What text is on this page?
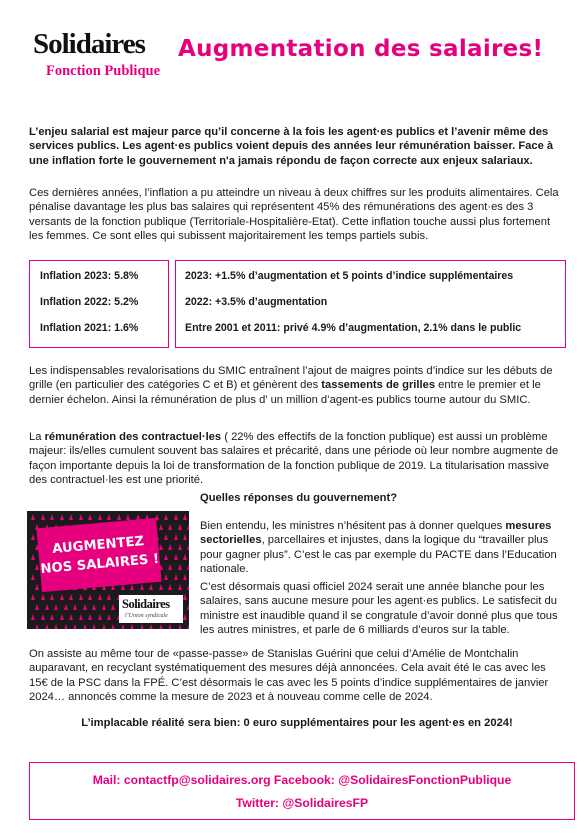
Solidaires
Fonction Publique
Augmentation des salaires!

L’enjeu salarial est majeur parce qu’il concerne à la fois les agent·es publics et l’avenir même des services publics. Les agent·es publics voient depuis des années leur rémunération baisser. Face à une inflation forte le gouvernement n'a jamais répondu de façon correcte aux enjeux salariaux.

Ces dernières années, l’inflation a pu atteindre un niveau à deux chiffres sur les produits alimentaires. Cela pénalise davantage les plus bas salaires qui représentent 45% des rémunérations des agent·es des 3 versants de la fonction publique (Territoriale-Hospitalière-Etat). Cette inflation touche aussi plus fortement les femmes. Ce sont elles qui subissent majoritairement les temps partiels subis.

Inflation 2023: 5.8%
Inflation 2022: 5.2%
Inflation 2021: 1.6%
2023: +1.5% d’augmentation et 5 points d’indice supplémentaires
2022: +3.5% d’augmentation
Entre 2001 et 2011: privé 4.9% d’augmentation, 2.1% dans le public

Les indispensables revalorisations du SMIC entraînent l’ajout de maigres points d’indice sur les débuts de grille (en particulier des catégories C et B) et génèrent des tassements de grilles entre le premier et le dernier échelon. Ainsi la rémunération de plus d' un million d’agent-es publics tourne autour du SMIC.

La rémunération des contractuel·les ( 22% des effectifs de la fonction publique) est aussi un problème majeur: ils/elles cumulent souvent bas salaires et précarité, dans une période où leur nombre augmente de façon importante depuis la loi de transformation de la fonction publique de 2019. La titularisation massive des contractuel·les est une priorité.

Quelles réponses du gouvernement?

AUGMENTEZ
NOS SALAIRES !
Solidaires
l’Union syndicale

Bien entendu, les ministres n’hésitent pas à donner quelques mesures sectorielles, parcellaires et injustes, dans la logique du “travailler plus pour gagner plus”. C’est le cas par exemple du PACTE dans l’Education nationale.

C’est désormais quasi officiel 2024 serait une année blanche pour les salaires, sans aucune mesure pour les agent·es publics. Le satisfecit du ministre est inaudible quand il se congratule d’avoir donné plus que tous les autres ministres, et parle de 6 milliards d’euros sur la table.

On assiste au même tour de «passe-passe» de Stanislas Guérini que celui d’Amélie de Montchalin auparavant, en recyclant systématiquement des mesures déjà annoncées. Cela avait été le cas avec les 15€ de la PSC dans la FPÉ. C’est désormais le cas avec les 5 points d’indice supplémentaires de janvier 2024… annoncés comme la mesure de 2023 et à nouveau comme celle de 2024.

L’implacable réalité sera bien: 0 euro supplémentaires pour les agent·es en 2024!

Mail: contactfp@solidaires.org Facebook: @SolidairesFonctionPublique
Twitter: @SolidairesFP
